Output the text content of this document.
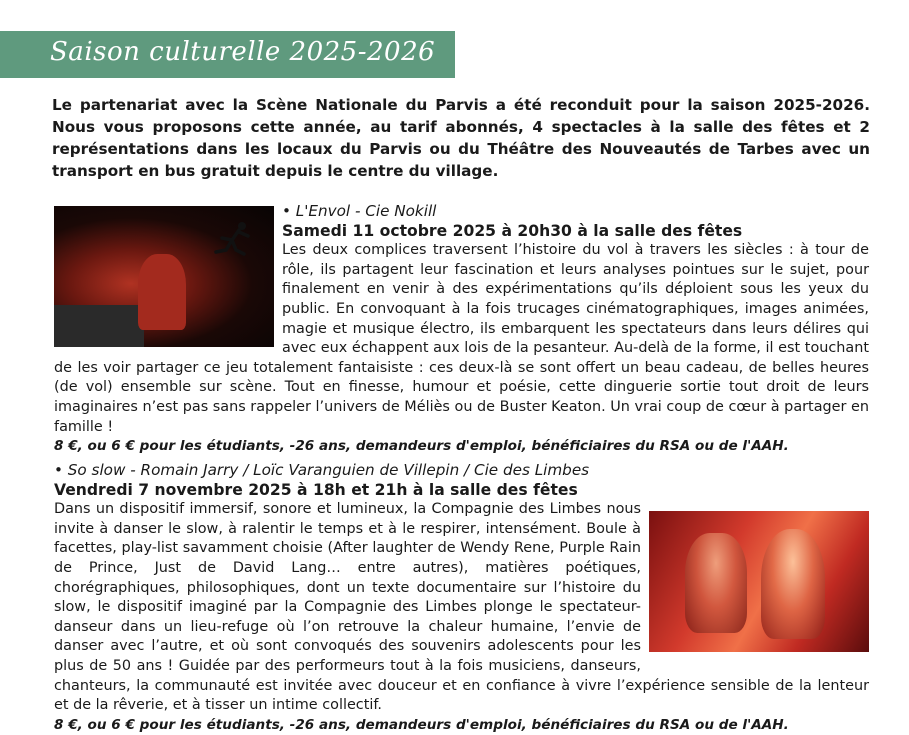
Saison culturelle 2025-2026
Le partenariat avec la Scène Nationale du Parvis a été reconduit pour la saison 2025-2026. Nous vous proposons cette année, au tarif abonnés, 4 spectacles à la salle des fêtes et 2 représentations dans les locaux du Parvis ou du Théâtre des Nouveautés de Tarbes avec un transport en bus gratuit depuis le centre du village.
• L'Envol - Cie Nokill
Samedi 11 octobre 2025 à 20h30 à la salle des fêtes
Les deux complices traversent l’histoire du vol à travers les siècles : à tour de rôle, ils partagent leur fascination et leurs analyses pointues sur le sujet, pour finalement en venir à des expérimentations qu’ils déploient sous les yeux du public. En convoquant à la fois trucages cinématographiques, images animées, magie et musique électro, ils embarquent les spectateurs dans leurs délires qui avec eux échappent aux lois de la pesanteur. Au-delà de la forme, il est touchant de les voir partager ce jeu totalement fantaisiste : ces deux-là se sont offert un beau cadeau, de belles heures (de vol) ensemble sur scène. Tout en finesse, humour et poésie, cette dinguerie sortie tout droit de leurs imaginaires n’est pas sans rappeler l’univers de Méliès ou de Buster Keaton. Un vrai coup de cœur à partager en famille !
8 €, ou 6 € pour les étudiants, -26 ans, demandeurs d'emploi, bénéficiaires du RSA ou de l'AAH.
• So slow - Romain Jarry / Loïc Varanguien de Villepin / Cie des Limbes
Vendredi 7 novembre 2025 à 18h et 21h à la salle des fêtes
Dans un dispositif immersif, sonore et lumineux, la Compagnie des Limbes nous invite à danser le slow, à ralentir le temps et à le respirer, intensément. Boule à facettes, play-list savamment choisie (After laughter de Wendy Rene, Purple Rain de Prince, Just de David Lang… entre autres), matières poétiques, chorégraphiques, philosophiques, dont un texte documentaire sur l’histoire du slow, le dispositif imaginé par la Compagnie des Limbes plonge le spectateur-danseur dans un lieu-refuge où l’on retrouve la chaleur humaine, l’envie de danser avec l’autre, et où sont convoqués des souvenirs adolescents pour les plus de 50 ans ! Guidée par des performeurs tout à la fois musiciens, danseurs, chanteurs, la communauté est invitée avec douceur et en confiance à vivre l’expérience sensible de la lenteur et de la rêverie, et à tisser un intime collectif.
8 €, ou 6 € pour les étudiants, -26 ans, demandeurs d'emploi, bénéficiaires du RSA ou de l'AAH.
